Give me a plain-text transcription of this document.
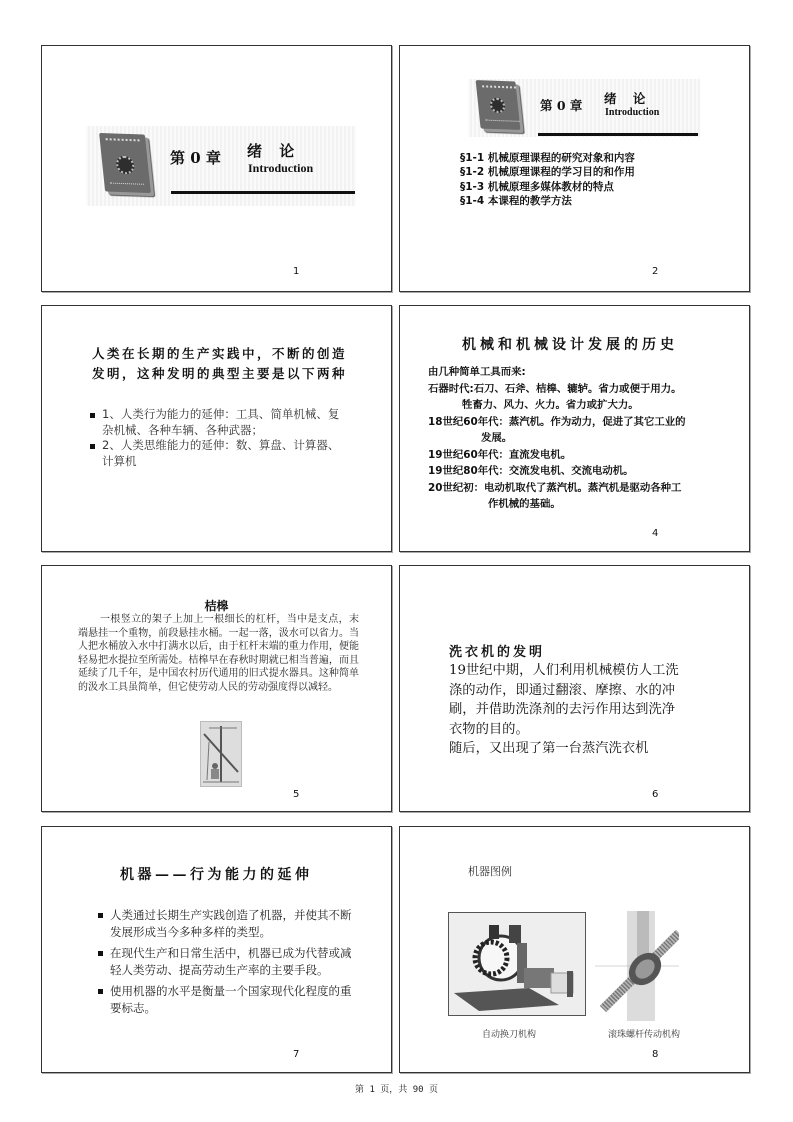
第 0 章 绪 论
Introduction
1
第 0 章 绪 论
Introduction
§1-1 机械原理课程的研究对象和内容
§1-2 机械原理课程的学习目的和作用
§1-3 机械原理多媒体教材的特点
§1-4 本课程的教学方法
2
人类在长期的生产实践中，不断的创造
发明，这种发明的典型主要是以下两种
1、人类行为能力的延伸：工具、简单机械、复杂机械、各种车辆、各种武器；
2、人类思维能力的延伸：数、算盘、计算器、计算机
机械和机械设计发展的历史
由几种简单工具而来:
石器时代:石刀、石斧、桔槔、辘轳。省力或便于用力。
牲畜力、风力、火力。省力或扩大力。
18世纪60年代：蒸汽机。作为动力，促进了其它工业的
发展。
19世纪60年代：直流发电机。
19世纪80年代：交流发电机、交流电动机。
20世纪初：电动机取代了蒸汽机。蒸汽机是驱动各种工
作机械的基础。
4
桔槔
一根竖立的架子上加上一根细长的杠杆，当中是支点，末端悬挂一个重物，前段悬挂水桶。一起一落，汲水可以省力。当人把水桶放入水中打满水以后，由于杠杆末端的重力作用，便能轻易把水提拉至所需处。桔槔早在春秋时期就已相当普遍，而且延续了几千年，是中国农村历代通用的旧式提水器具。这种简单的汲水工具虽简单，但它使劳动人民的劳动强度得以减轻。
5
洗衣机的发明
19世纪中期，人们利用机械模仿人工洗
涤的动作，即通过翻滚、摩擦、水的冲
刷，并借助洗涤剂的去污作用达到洗净
衣物的目的。
随后，又出现了第一台蒸汽洗衣机
6
机器——行为能力的延伸
人类通过长期生产实践创造了机器，并使其不断发展形成当今多种多样的类型。
在现代生产和日常生活中，机器已成为代替或减轻人类劳动、提高劳动生产率的主要手段。
使用机器的水平是衡量一个国家现代化程度的重要标志。
7
机器图例
自动换刀机构	滚珠螺杆传动机构
8
第 1 页，共 90 页
